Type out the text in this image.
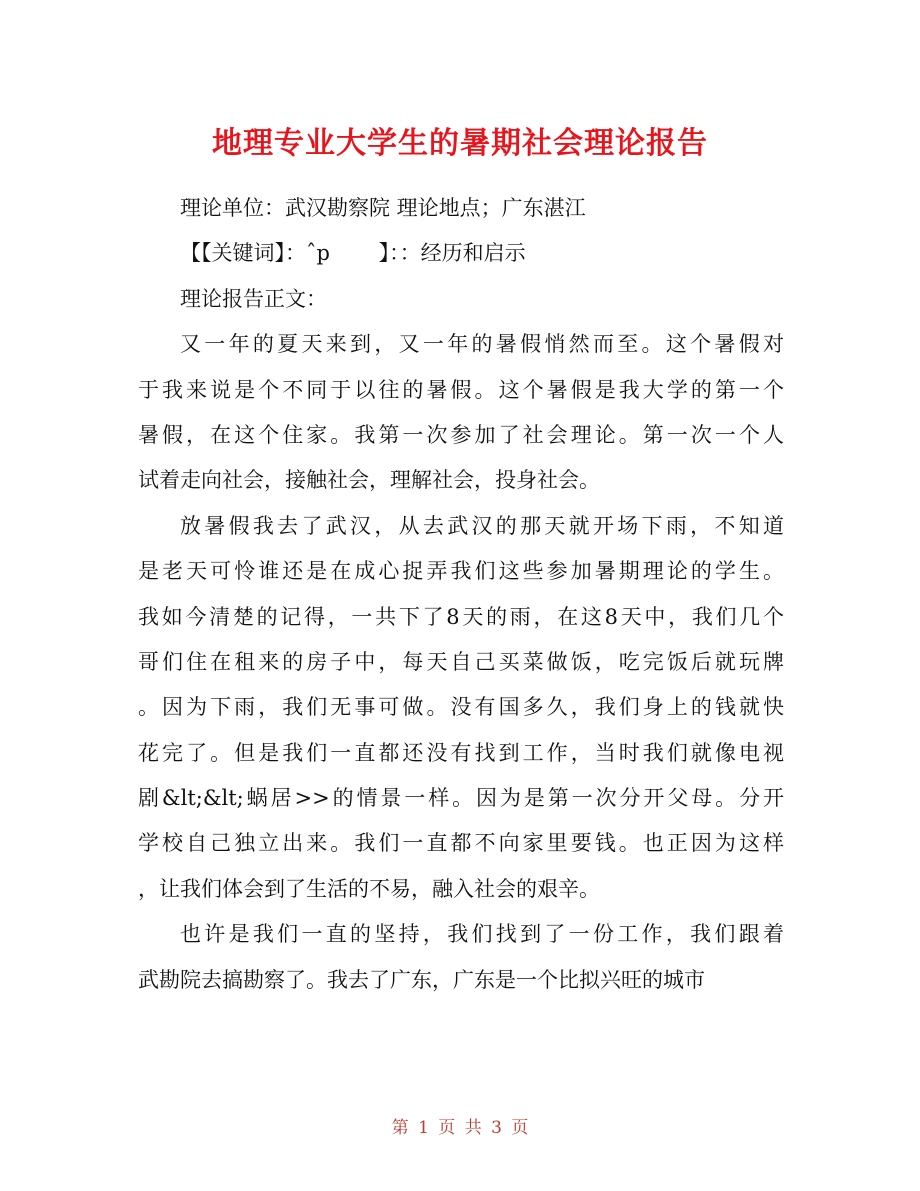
地理专业大学生的暑期社会理论报告
理论单位：武汉勘察院 理论地点；广东湛江
【【关键词】：ˆp　　 】：：经历和启示
理论报告正文：
又一年的夏天来到，又一年的暑假悄然而至。这个暑假对
于我来说是个不同于以往的暑假。这个暑假是我大学的第一个
暑假，在这个住家。我第一次参加了社会理论。第一次一个人
试着走向社会，接触社会，理解社会，投身社会。
放暑假我去了武汉，从去武汉的那天就开场下雨，不知道
是老天可怜谁还是在成心捉弄我们这些参加暑期理论的学生。
我如今清楚的记得，一共下了8天的雨，在这8天中，我们几个
哥们住在租来的房子中，每天自己买菜做饭，吃完饭后就玩牌
。因为下雨，我们无事可做。没有国多久，我们身上的钱就快
花完了。但是我们一直都还没有找到工作，当时我们就像电视
剧&lt;&lt;蜗居>>的情景一样。因为是第一次分开父母。分开
学校自己独立出来。我们一直都不向家里要钱。也正因为这样
，让我们体会到了生活的不易，融入社会的艰辛。
也许是我们一直的坚持，我们找到了一份工作，我们跟着
武勘院去搞勘察了。我去了广东，广东是一个比拟兴旺的城市
第 1 页 共 3 页
